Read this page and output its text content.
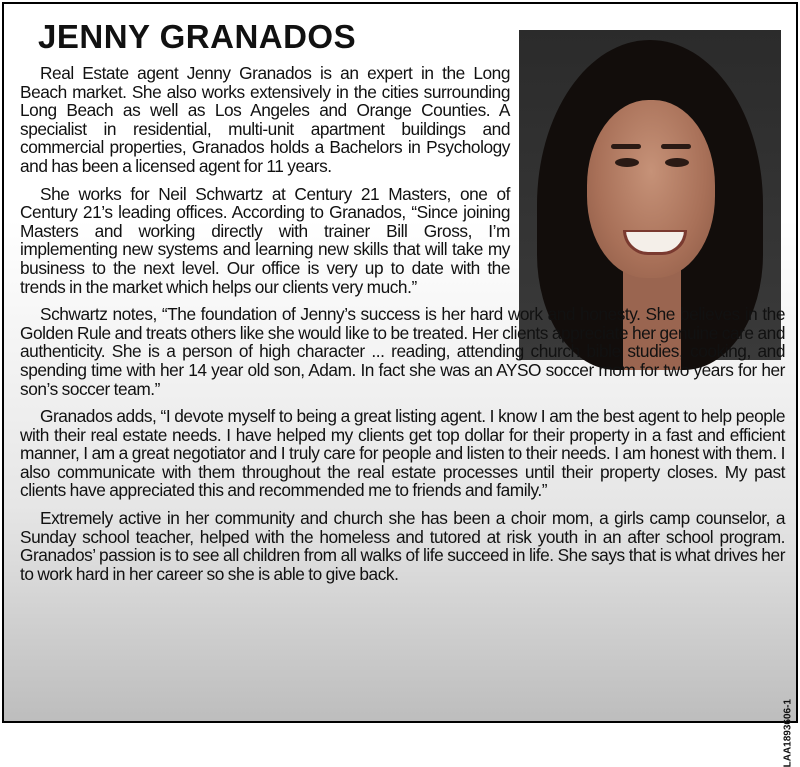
JENNY GRANADOS

Real Estate agent Jenny Granados is an expert in the Long Beach market. She also works extensively in the cities surrounding Long Beach as well as Los Angeles and Orange Counties. A specialist in residential, multi-unit apartment buildings and commercial properties, Granados holds a Bachelors in Psychology and has been a licensed agent for 11 years.

She works for Neil Schwartz at Century 21 Masters, one of Century 21’s leading offices. According to Granados, “Since joining Masters and working directly with trainer Bill Gross, I’m implementing new systems and learning new skills that will take my business to the next level. Our office is very up to date with the trends in the market which helps our clients very much.”

Schwartz notes, “The foundation of Jenny’s success is her hard work and honesty. She believes in the Golden Rule and treats others like she would like to be treated. Her clients appreciate her genuine care and authenticity. She is a person of high character ... reading, attending church bible studies, cooking, and spending time with her 14 year old son, Adam. In fact she was an AYSO soccer mom for two years for her son’s soccer team.”

Granados adds, “I devote myself to being a great listing agent. I know I am the best agent to help people with their real estate needs. I have helped my clients get top dollar for their property in a fast and efficient manner, I am a great negotiator and I truly care for people and listen to their needs. I am honest with them. I also communicate with them throughout the real estate processes until their property closes. My past clients have appreciated this and recommended me to friends and family.”

Extremely active in her community and church she has been a choir mom, a girls camp counselor, a Sunday school teacher, helped with the homeless and tutored at risk youth in an after school program. Granados’ passion is to see all children from all walks of life succeed in life. She says that is what drives her to work hard in her career so she is able to give back.

LAA1893606-1
